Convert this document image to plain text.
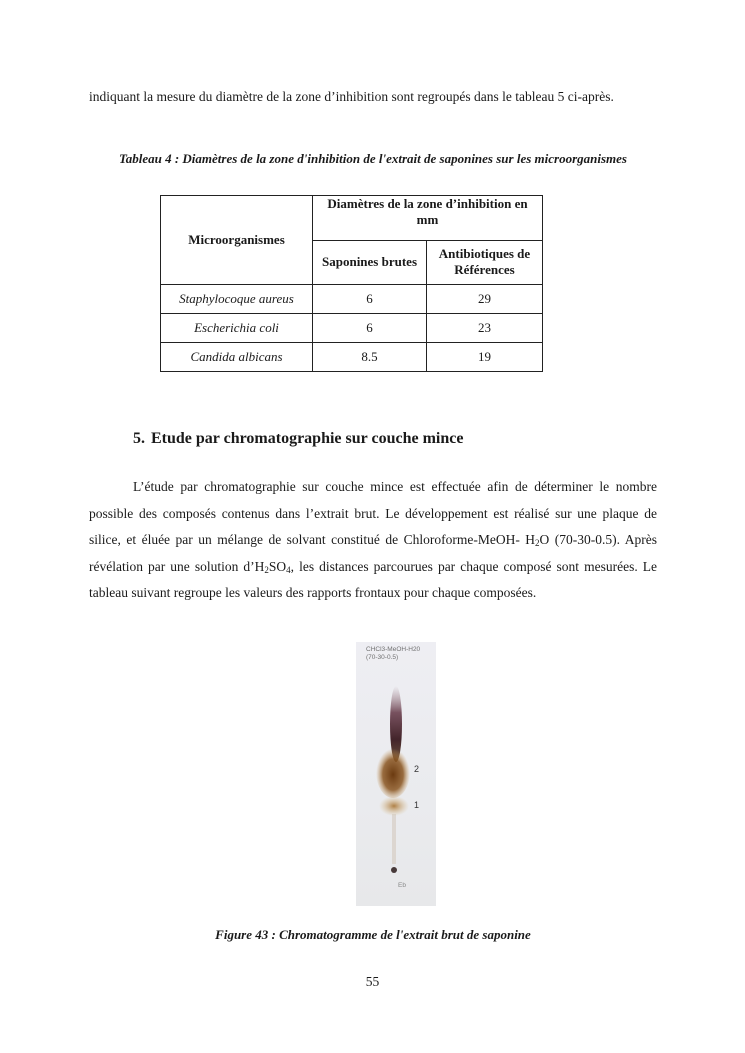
indiquant la mesure du diamètre de la zone d’inhibition sont regroupés dans le tableau 5 ci-après.

Tableau 4 : Diamètres de la zone d'inhibition de l'extrait de saponines sur les microorganismes
Microorganismes	Diamètres de la zone d’inhibition en mm	
	Saponines brutes	Antibiotiques de Références
Staphylocoque aureus	6	29
Escherichia coli	6	23
Candida albicans	8.5	19
5. Etude par chromatographie sur couche mince

L’étude par chromatographie sur couche mince est effectuée afin de déterminer le nombre possible des composés contenus dans l’extrait brut. Le développement est réalisé sur une plaque de silice, et éluée par un mélange de solvant constitué de Chloroforme-MeOH- $H_2O$ (70-30-0.5). Après révélation par une solution $d’H_2SO_4$, les distances parcourues par chaque composé sont mesurées. Le tableau suivant regroupe les valeurs des rapports frontaux pour chaque composées.

CHCl3-MeOH-H20
(70-30-0.5)
2
1
Eb
Figure 43 : Chromatogramme de l'extrait brut de saponine
55
